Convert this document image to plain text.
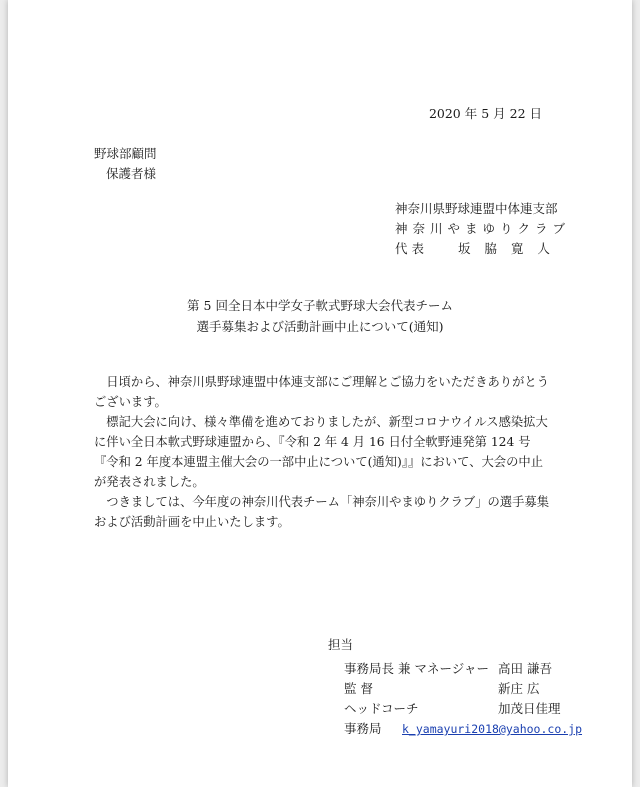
2020 年 5 月 22 日
野球部顧問
保護者様
神奈川県野球連盟中体連支部
神奈川やまゆりクラブ
代 表	坂 脇 寛 人
第 5 回全日本中学女子軟式野球大会代表チーム
選手募集および活動計画中止について(通知)

日頃から、神奈川県野球連盟中体連支部にご理解とご協力をいただきありがとうございます。

標記大会に向け、様々準備を進めておりましたが、新型コロナウイルス感染拡大に伴い全日本軟式野球連盟から、『令和 2 年 4 月 16 日付全軟野連発第 124 号 『令和 2 年度本連盟主催大会の一部中止について(通知)』』において、大会の中止が発表されました。

つきましては、今年度の神奈川代表チーム「神奈川やまゆりクラブ」の選手募集および活動計画を中止いたします。

担当
事務局長 兼 マネージャー 高田 謙吾
監 督	新庄 広
ヘッドコーチ	加茂日佳理
事務局 k_yamayuri2018@yahoo.co.jp
